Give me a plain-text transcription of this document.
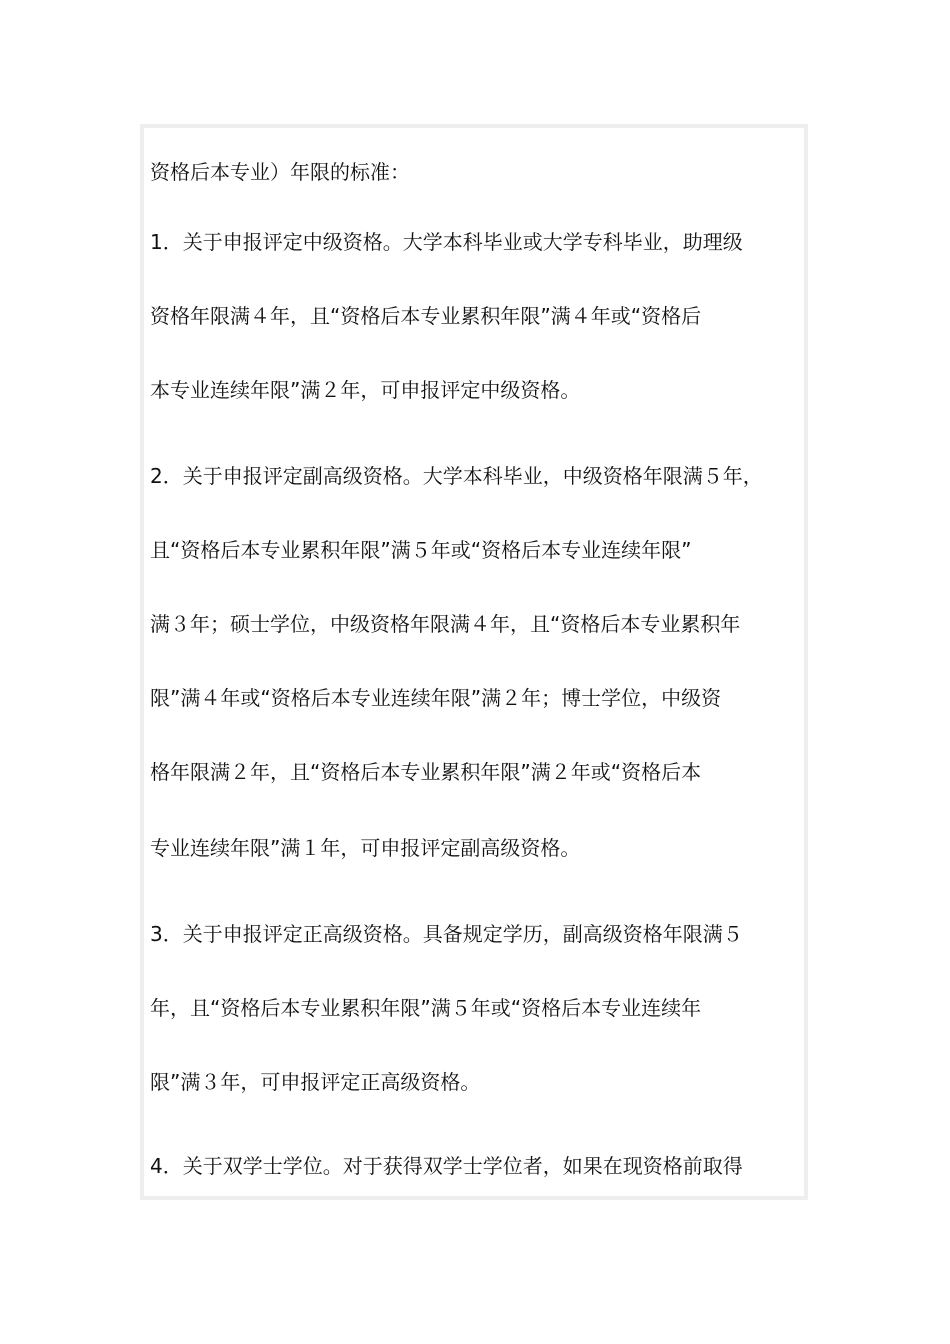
资格后本专业）年限的标准：
1．关于申报评定中级资格。大学本科毕业或大学专科毕业，助理级
资格年限满４年，且“资格后本专业累积年限”满４年或“资格后
本专业连续年限”满２年，可申报评定中级资格。
2．关于申报评定副高级资格。大学本科毕业，中级资格年限满５年，
且“资格后本专业累积年限”满５年或“资格后本专业连续年限”
满３年；硕士学位，中级资格年限满４年，且“资格后本专业累积年
限”满４年或“资格后本专业连续年限”满２年；博士学位，中级资
格年限满２年，且“资格后本专业累积年限”满２年或“资格后本
专业连续年限”满１年，可申报评定副高级资格。
3．关于申报评定正高级资格。具备规定学历，副高级资格年限满５
年，且“资格后本专业累积年限”满５年或“资格后本专业连续年
限”满３年，可申报评定正高级资格。
4．关于双学士学位。对于获得双学士学位者，如果在现资格前取得
